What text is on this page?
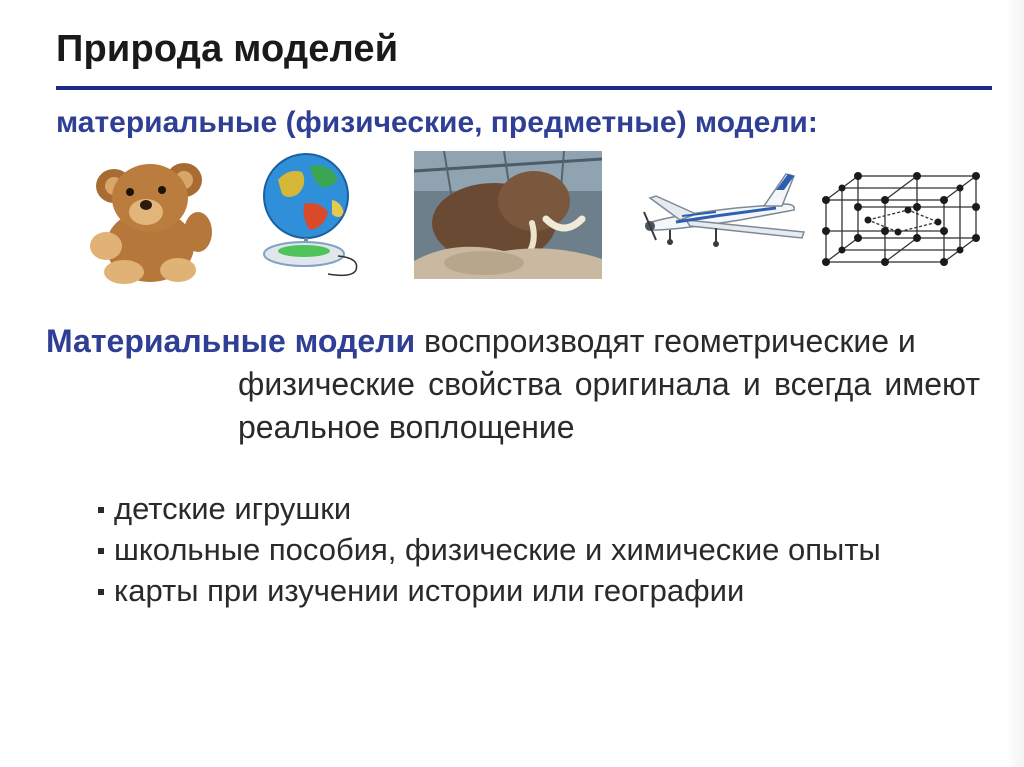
Природа моделей
материальные (физические, предметные) модели:
Материальные модели воспроизводят геометрические и
физические свойства оригинала и всегда имеют реальное воплощение
детские игрушки
школьные пособия, физические и химические опыты
карты при изучении истории или географии
